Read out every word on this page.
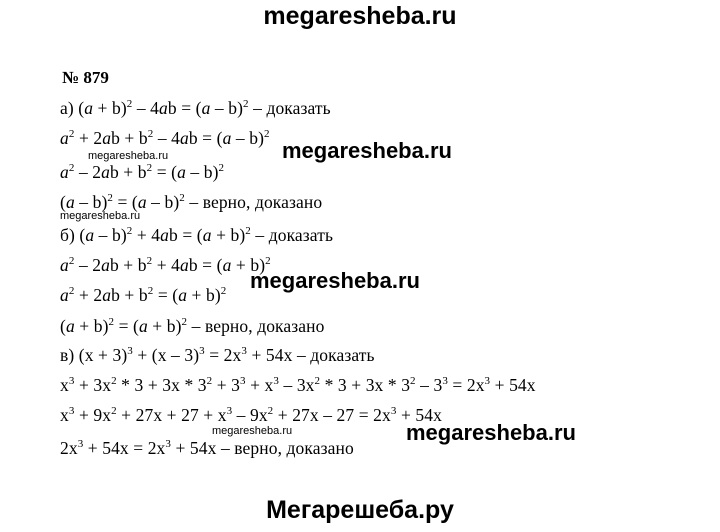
megaresheba.ru
№ 879
а) $(a + b)^2 - 4ab = (a - b)^2$ – доказать
$a^2 + 2ab + b^2 - 4ab = (a - b)^2$
$a^2 - 2ab + b^2 = (a - b)^2$
(a – b)$^2$ = (a – b)$^2$ – верно, доказано
б) $(a - b)^2 + 4ab = (a + b)^2$ – доказать
$a^2 - 2ab + b^2 + 4ab = (a + b)^2$
$a^2 + 2ab + b^2 = (a + b)^2$
$(a + b)^2 = (a + b)^2$ – верно, доказано
в) $(x + 3)^3 + (x - 3)^3 = 2x^3 + 54x$ – доказать
$x^3 + 3x^2 * 3 + 3x * 3^2 + 3^3 + x^3 - 3x^2 * 3 + 3x * 3^2 - 3^3 = 2x^3 + 54x$
$x^3 + 9x^2 + 27x + 27 + x^3 - 9x^2 + 27x - 27 = 2x^3 + 54x$
$2x^3 + 54x = 2x^3 + 54x$ – верно, доказано
megaresheba.ru
megaresheba.ru
megaresheba.ru
megaresheba.ru
megaresheba.ru
megaresheba.ru
Мегарешеба.ру
